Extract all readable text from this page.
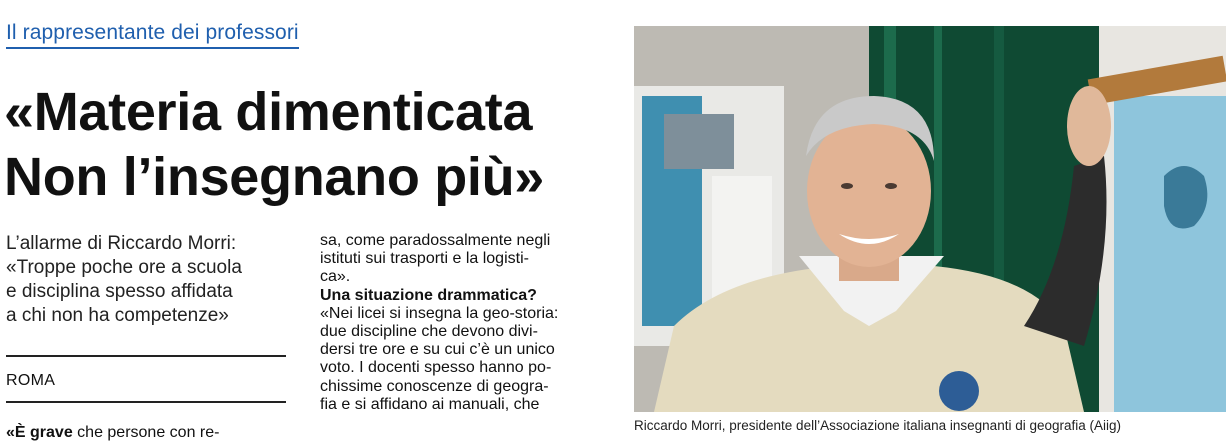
Il rappresentante dei professori
«Materia dimenticata
Non l’insegnano più»
L’allarme di Riccardo Morri:
«Troppe poche ore a scuola
e disciplina spesso affidata
a chi non ha competenze»
ROMA
«È grave che persone con re-
sa, come paradossalmente negli
istituti sui trasporti e la logisti-
ca».
Una situazione drammatica?
«Nei licei si insegna la geo-storia:
due discipline che devono divi-
dersi tre ore e su cui c’è un unico
voto. I docenti spesso hanno po-
chissime conoscenze di geogra-
fia e si affidano ai manuali, che
Riccardo Morri, presidente dell’Associazione italiana insegnanti di geografia (Aiig)
